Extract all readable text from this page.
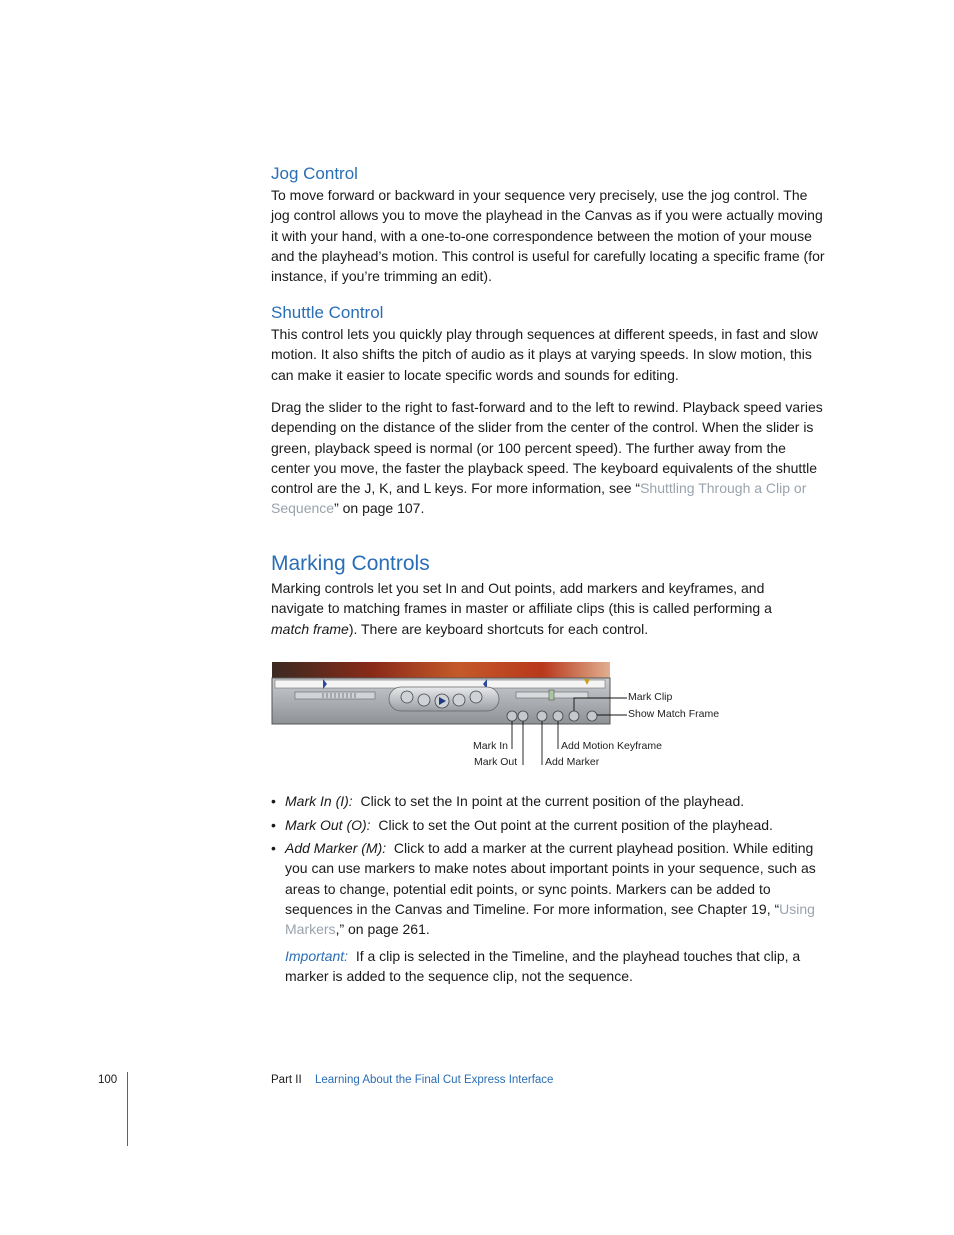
Jog Control

To move forward or backward in your sequence very precisely, use the jog control. The jog control allows you to move the playhead in the Canvas as if you were actually moving it with your hand, with a one-to-one correspondence between the motion of your mouse and the playhead’s motion. This control is useful for carefully locating a specific frame (for instance, if you’re trimming an edit).

Shuttle Control

This control lets you quickly play through sequences at different speeds, in fast and slow motion. It also shifts the pitch of audio as it plays at varying speeds. In slow motion, this can make it easier to locate specific words and sounds for editing.

Drag the slider to the right to fast-forward and to the left to rewind. Playback speed varies depending on the distance of the slider from the center of the control. When the slider is green, playback speed is normal (or 100 percent speed). The further away from the center you move, the faster the playback speed. The keyboard equivalents of the shuttle control are the J, K, and L keys. For more information, see “Shuttling Through a Clip or Sequence” on page 107.

Marking Controls

Marking controls let you set In and Out points, add markers and keyframes, and navigate to matching frames in master or affiliate clips (this is called performing a match frame). There are keyboard shortcuts for each control.

Mark Clip
Show Match Frame
Mark In
Mark Out
Add Motion Keyframe
Add Marker
• Mark In (I): Click to set the In point at the current position of the playhead.
• Mark Out (O): Click to set the Out point at the current position of the playhead.
• Add Marker (M): Click to add a marker at the current playhead position. While editing you can use markers to make notes about important points in your sequence, such as areas to change, potential edit points, or sync points. Markers can be added to sequences in the Canvas and Timeline. For more information, see Chapter 19, “Using Markers,” on page 261.

Important: If a clip is selected in the Timeline, and the playhead touches that clip, a marker is added to the sequence clip, not the sequence.

100	Part II Learning About the Final Cut Express Interface
